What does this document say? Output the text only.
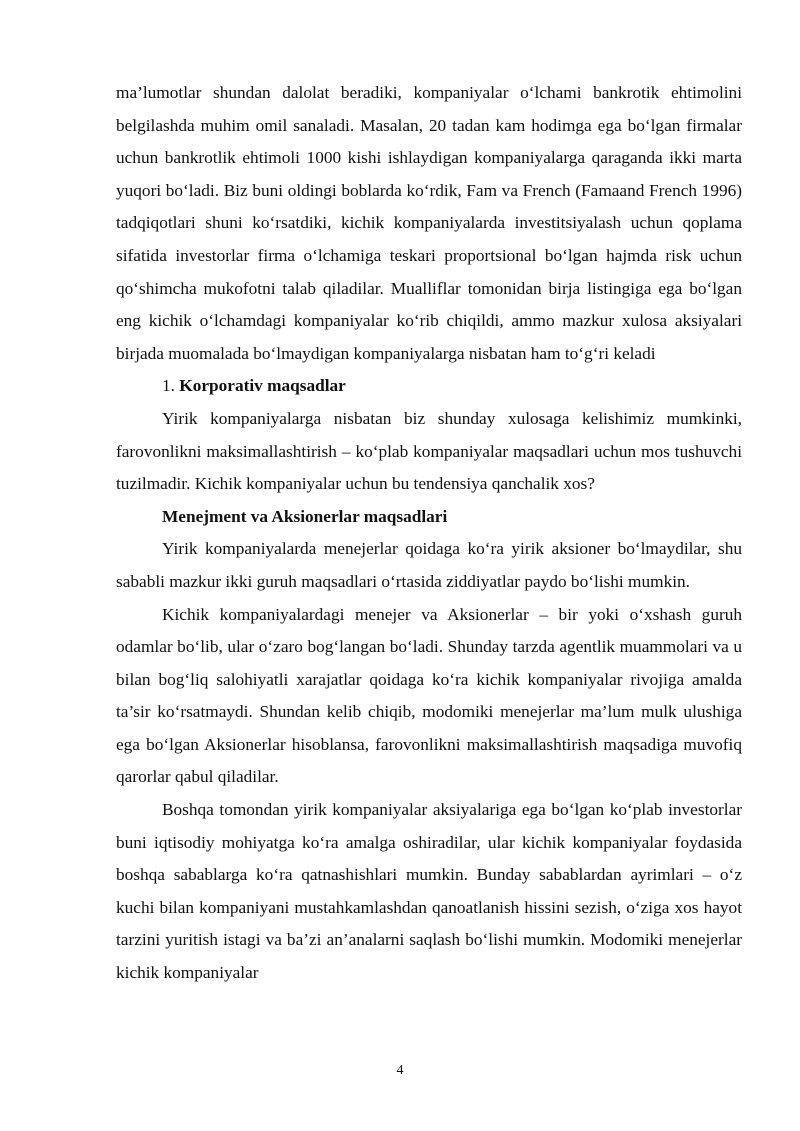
ma’lumotlar shundan dalolat beradiki, kompaniyalar o‘lchami bankrotik ehtimolini belgilashda muhim omil sanaladi. Masalan, 20 tadan kam hodimga ega bo‘lgan firmalar uchun bankrotlik ehtimoli 1000 kishi ishlaydigan kompaniyalarga qaraganda ikki marta yuqori bo‘ladi. Biz buni oldingi boblarda ko‘rdik, Fam va French (Famaand French 1996) tadqiqotlari shuni ko‘rsatdiki, kichik kompaniyalarda investitsiyalash uchun qoplama sifatida investorlar firma o‘lchamiga teskari proportsional bo‘lgan hajmda risk uchun qo‘shimcha mukofotni talab qiladilar. Mualliflar tomonidan birja listingiga ega bo‘lgan eng kichik o‘lchamdagi kompaniyalar ko‘rib chiqildi, ammo mazkur xulosa aksiyalari birjada muomalada bo‘lmaydigan kompaniyalarga nisbatan ham to‘g‘ri keladi

1. Korporativ maqsadlar

Yirik kompaniyalarga nisbatan biz shunday xulosaga kelishimiz mumkinki, farovonlikni maksimallashtirish – ko‘plab kompaniyalar maqsadlari uchun mos tushuvchi tuzilmadir. Kichik kompaniyalar uchun bu tendensiya qanchalik xos?

Menejment va Aksionerlar maqsadlari

Yirik kompaniyalarda menejerlar qoidaga ko‘ra yirik aksioner bo‘lmaydilar, shu sababli mazkur ikki guruh maqsadlari o‘rtasida ziddiyatlar paydo bo‘lishi mumkin.

Kichik kompaniyalardagi menejer va Aksionerlar – bir yoki o‘xshash guruh odamlar bo‘lib, ular o‘zaro bog‘langan bo‘ladi. Shunday tarzda agentlik muammolari va u bilan bog‘liq salohiyatli xarajatlar qoidaga ko‘ra kichik kompaniyalar rivojiga amalda ta’sir ko‘rsatmaydi. Shundan kelib chiqib, modomiki menejerlar ma’lum mulk ulushiga ega bo‘lgan Aksionerlar hisoblansa, farovonlikni maksimallashtirish maqsadiga muvofiq qarorlar qabul qiladilar.

Boshqa tomondan yirik kompaniyalar aksiyalariga ega bo‘lgan ko‘plab investorlar buni iqtisodiy mohiyatga ko‘ra amalga oshiradilar, ular kichik kompaniyalar foydasida boshqa sabablarga ko‘ra qatnashishlari mumkin. Bunday sabablardan ayrimlari – o‘z kuchi bilan kompaniyani mustahkamlashdan qanoatlanish hissini sezish, o‘ziga xos hayot tarzini yuritish istagi va ba’zi an’analarni saqlash bo‘lishi mumkin. Modomiki menejerlar kichik kompaniyalar

4
